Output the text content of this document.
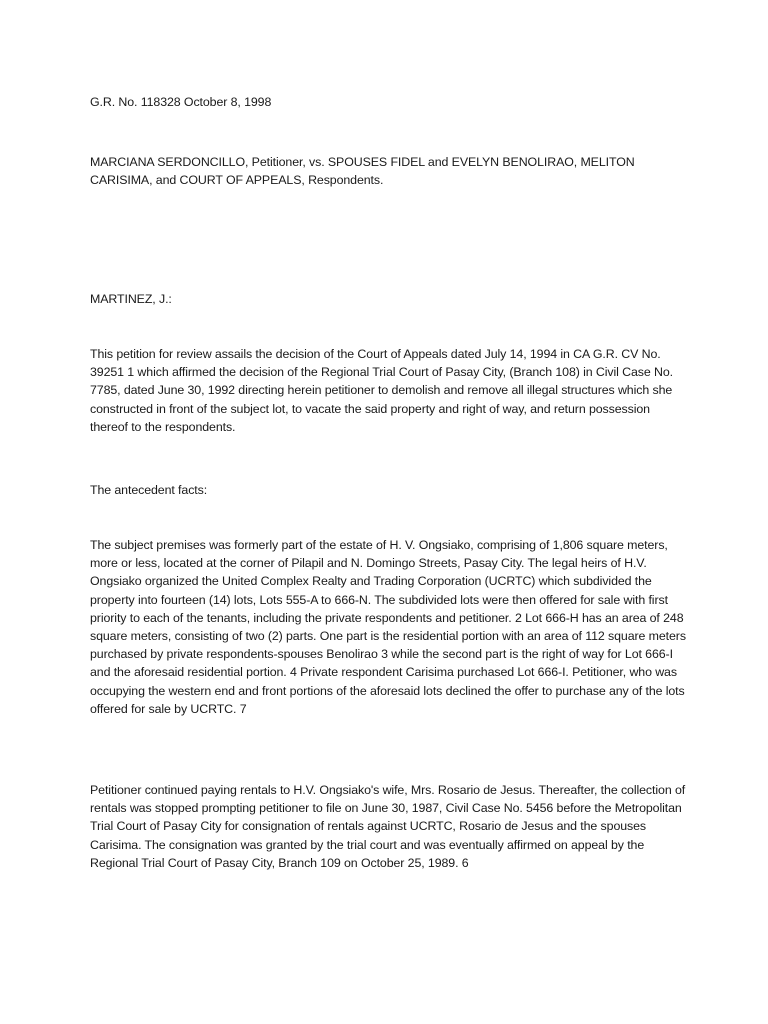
G.R. No. 118328 October 8, 1998

MARCIANA SERDONCILLO, Petitioner, vs. SPOUSES FIDEL and EVELYN BENOLIRAO, MELITON CARISIMA, and COURT OF APPEALS, Respondents.

MARTINEZ, J.:

This petition for review assails the decision of the Court of Appeals dated July 14, 1994 in CA G.R. CV No. 39251 1 which affirmed the decision of the Regional Trial Court of Pasay City, (Branch 108) in Civil Case No. 7785, dated June 30, 1992 directing herein petitioner to demolish and remove all illegal structures which she constructed in front of the subject lot, to vacate the said property and right of way, and return possession thereof to the respondents.

The antecedent facts:

The subject premises was formerly part of the estate of H. V. Ongsiako, comprising of 1,806 square meters, more or less, located at the corner of Pilapil and N. Domingo Streets, Pasay City. The legal heirs of H.V. Ongsiako organized the United Complex Realty and Trading Corporation (UCRTC) which subdivided the property into fourteen (14) lots, Lots 555-A to 666-N. The subdivided lots were then offered for sale with first priority to each of the tenants, including the private respondents and petitioner. 2 Lot 666-H has an area of 248 square meters, consisting of two (2) parts. One part is the residential portion with an area of 112 square meters purchased by private respondents-spouses Benolirao 3 while the second part is the right of way for Lot 666-I and the aforesaid residential portion. 4 Private respondent Carisima purchased Lot 666-I. Petitioner, who was occupying the western end and front portions of the aforesaid lots declined the offer to purchase any of the lots offered for sale by UCRTC. 7

Petitioner continued paying rentals to H.V. Ongsiako's wife, Mrs. Rosario de Jesus. Thereafter, the collection of rentals was stopped prompting petitioner to file on June 30, 1987, Civil Case No. 5456 before the Metropolitan Trial Court of Pasay City for consignation of rentals against UCRTC, Rosario de Jesus and the spouses Carisima. The consignation was granted by the trial court and was eventually affirmed on appeal by the Regional Trial Court of Pasay City, Branch 109 on October 25, 1989. 6
